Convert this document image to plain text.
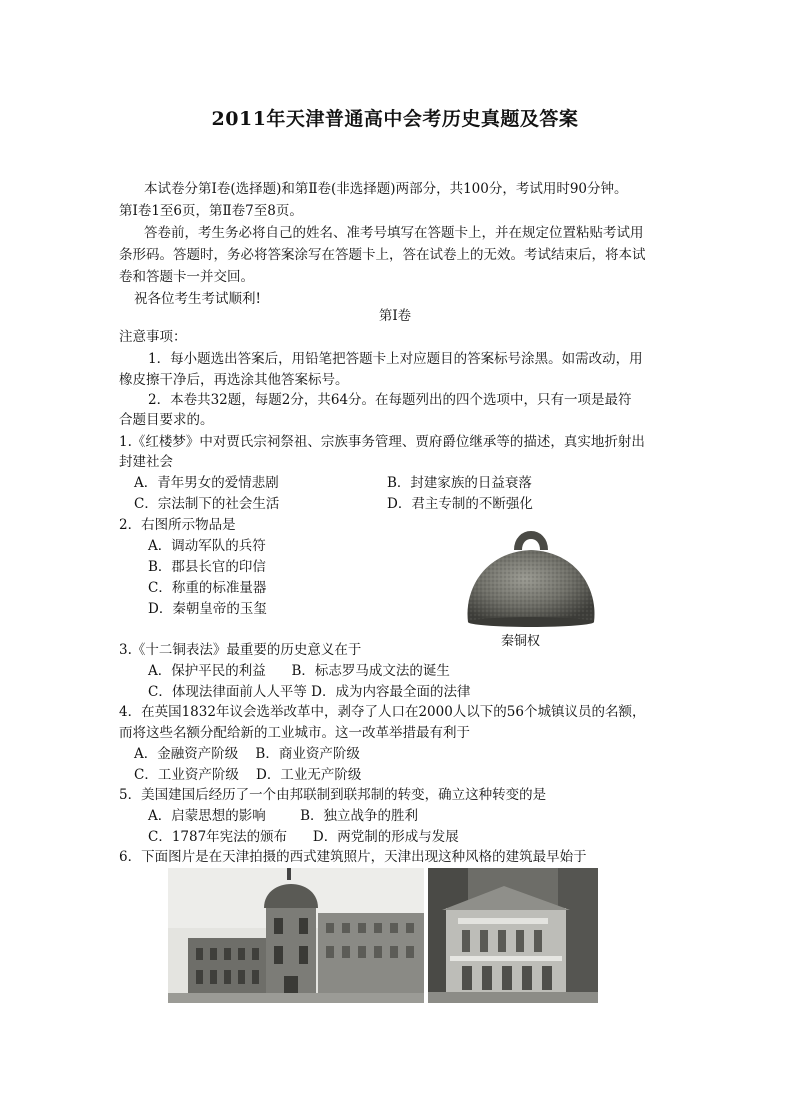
2011年天津普通高中会考历史真题及答案
本试卷分第Ⅰ卷(选择题)和第Ⅱ卷(非选择题)两部分，共100分，考试用时90分钟。
第Ⅰ卷1至6页，第Ⅱ卷7至8页。
答卷前，考生务必将自己的姓名、准考号填写在答题卡上，并在规定位置粘贴考试用
条形码。答题时，务必将答案涂写在答题卡上，答在试卷上的无效。考试结束后，将本试
卷和答题卡一并交回。
祝各位考生考试顺利!
第Ⅰ卷
注意事项：
1．每小题选出答案后，用铅笔把答题卡上对应题目的答案标号涂黑。如需改动，用
橡皮擦干净后，再选涂其他答案标号。
2．本卷共32题，每题2分，共64分。在每题列出的四个选项中，只有一项是最符
合题目要求的。
1.《红楼梦》中对贾氏宗祠祭祖、宗族事务管理、贾府爵位继承等的描述，真实地折射出
封建社会
A．青年男女的爱情悲剧	B．封建家族的日益衰落
C．宗法制下的社会生活	D．君主专制的不断强化
2．右图所示物品是
A．调动军队的兵符
B．郡县长官的印信
C．称重的标准量器
D．秦朝皇帝的玉玺
秦铜权
3.《十二铜表法》最重要的历史意义在于
A．保护平民的利益      B．标志罗马成文法的诞生
C．体现法律面前人人平等 D．成为内容最全面的法律
4．在英国1832年议会选举改革中，剥夺了人口在2000人以下的56个城镇议员的名额，
而将这些名额分配给新的工业城市。这一改革举措最有利于
A．金融资产阶级    B．商业资产阶级
C．工业资产阶级    D．工业无产阶级
5．美国建国后经历了一个由邦联制到联邦制的转变，确立这种转变的是
A．启蒙思想的影响        B．独立战争的胜利
C．1787年宪法的颁布      D．两党制的形成与发展
6．下面图片是在天津拍摄的西式建筑照片，天津出现这种风格的建筑最早始于
